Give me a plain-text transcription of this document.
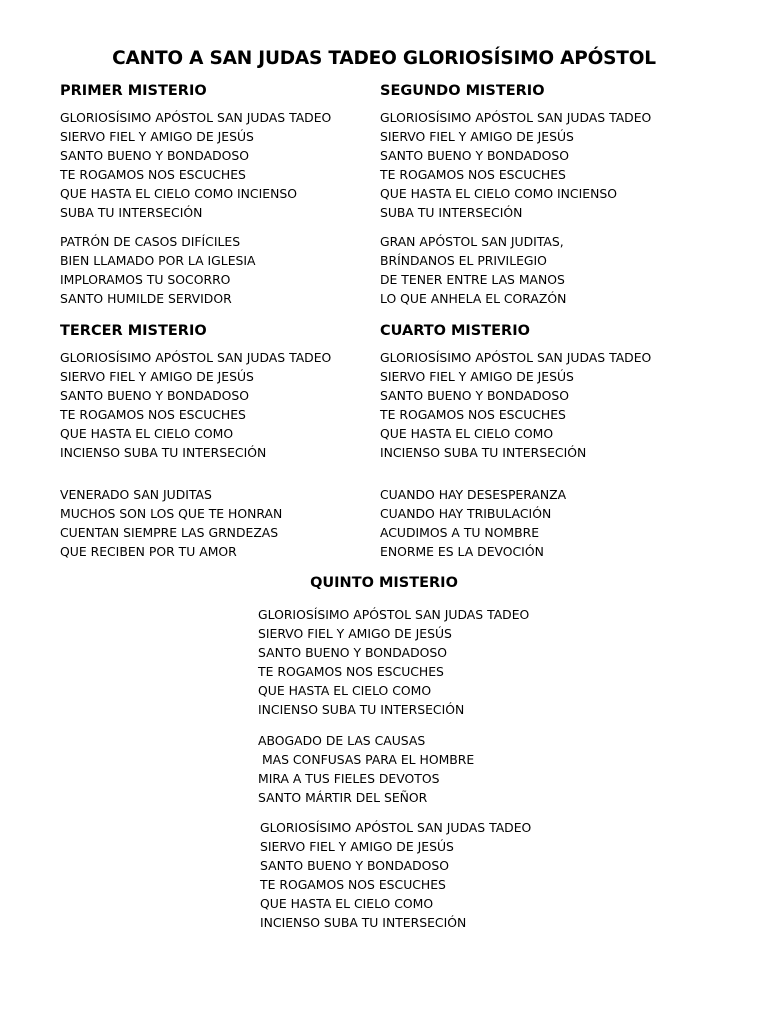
CANTO A SAN JUDAS TADEO GLORIOSÍSIMO APÓSTOL
PRIMER MISTERIO
GLORIOSÍSIMO APÓSTOL SAN JUDAS TADEO
SIERVO FIEL Y AMIGO DE JESÚS
SANTO BUENO Y BONDADOSO
TE ROGAMOS NOS ESCUCHES
QUE HASTA EL CIELO COMO INCIENSO
SUBA TU INTERSECIÓN
PATRÓN DE CASOS DIFÍCILES
BIEN LLAMADO POR LA IGLESIA
IMPLORAMOS TU SOCORRO
SANTO HUMILDE SERVIDOR
SEGUNDO MISTERIO
GLORIOSÍSIMO APÓSTOL SAN JUDAS TADEO
SIERVO FIEL Y AMIGO DE JESÚS
SANTO BUENO Y BONDADOSO
TE ROGAMOS NOS ESCUCHES
QUE HASTA EL CIELO COMO INCIENSO
SUBA TU INTERSECIÓN
GRAN APÓSTOL SAN JUDITAS,
BRÍNDANOS EL PRIVILEGIO
DE TENER ENTRE LAS MANOS
LO QUE ANHELA EL CORAZÓN
TERCER MISTERIO
GLORIOSÍSIMO APÓSTOL SAN JUDAS TADEO
SIERVO FIEL Y AMIGO DE JESÚS
SANTO BUENO Y BONDADOSO
TE ROGAMOS NOS ESCUCHES
QUE HASTA EL CIELO COMO
INCIENSO SUBA TU INTERSECIÓN
VENERADO SAN JUDITAS
MUCHOS SON LOS QUE TE HONRAN
CUENTAN SIEMPRE LAS GRNDEZAS
QUE RECIBEN POR TU AMOR
CUARTO MISTERIO
GLORIOSÍSIMO APÓSTOL SAN JUDAS TADEO
SIERVO FIEL Y AMIGO DE JESÚS
SANTO BUENO Y BONDADOSO
TE ROGAMOS NOS ESCUCHES
QUE HASTA EL CIELO COMO
INCIENSO SUBA TU INTERSECIÓN
CUANDO HAY DESESPERANZA
CUANDO HAY TRIBULACIÓN
ACUDIMOS A TU NOMBRE
ENORME ES LA DEVOCIÓN
QUINTO MISTERIO
GLORIOSÍSIMO APÓSTOL SAN JUDAS TADEO
SIERVO FIEL Y AMIGO DE JESÚS
SANTO BUENO Y BONDADOSO
TE ROGAMOS NOS ESCUCHES
QUE HASTA EL CIELO COMO
INCIENSO SUBA TU INTERSECIÓN
ABOGADO DE LAS CAUSAS
MAS CONFUSAS PARA EL HOMBRE
MIRA A TUS FIELES DEVOTOS
SANTO MÁRTIR DEL SEÑOR
GLORIOSÍSIMO APÓSTOL SAN JUDAS TADEO
SIERVO FIEL Y AMIGO DE JESÚS
SANTO BUENO Y BONDADOSO
TE ROGAMOS NOS ESCUCHES
QUE HASTA EL CIELO COMO
INCIENSO SUBA TU INTERSECIÓN
